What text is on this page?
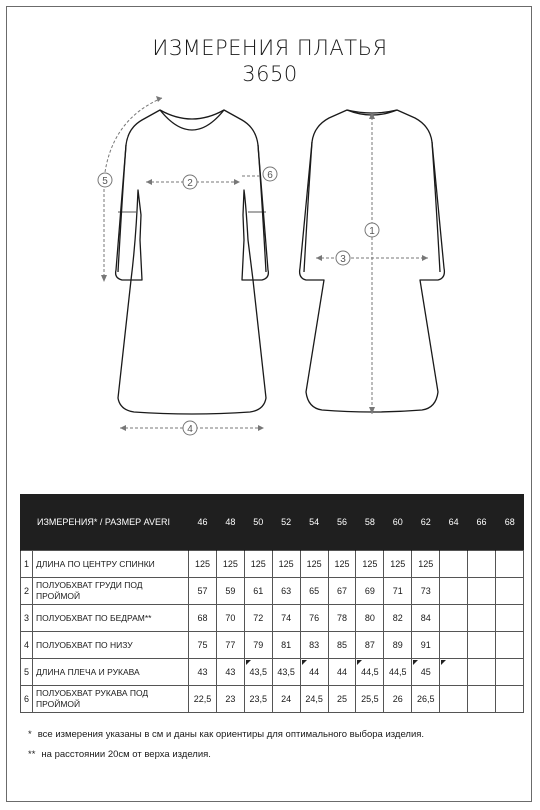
ИЗМЕРЕНИЯ ПЛАТЬЯ
3650
5	2
6
4
1
3
ИЗМЕРЕНИЯ* / РАЗМЕР AVERI		46	48	50	52	54	56	58	60	62	64	66	68
1	ДЛИНА ПО ЦЕНТРУ СПИНКИ	125	125	125	125	125	125	125	125	125			
2	ПОЛУОБХВАТ ГРУДИ ПОД ПРОЙМОЙ	57	59	61	63	65	67	69	71	73			
3	ПОЛУОБХВАТ ПО БЕДРАМ**	68	70	72	74	76	78	80	82	84			
4	ПОЛУОБХВАТ ПО НИЗУ	75	77	79	81	83	85	87	89	91			
5	ДЛИНА ПЛЕЧА И РУКАВА	43	43	43,5	43,5	44	44	44,5	44,5	45

6	ПОЛУОБХВАТ РУКАВА ПОД ПРОЙМОЙ	22,5	23	23,5	24	24,5	25	25,5	26	26,5			
* все измерения указаны в см и даны как ориентиры для оптимального выбора изделия.
** на расстоянии 20см от верха изделия.
